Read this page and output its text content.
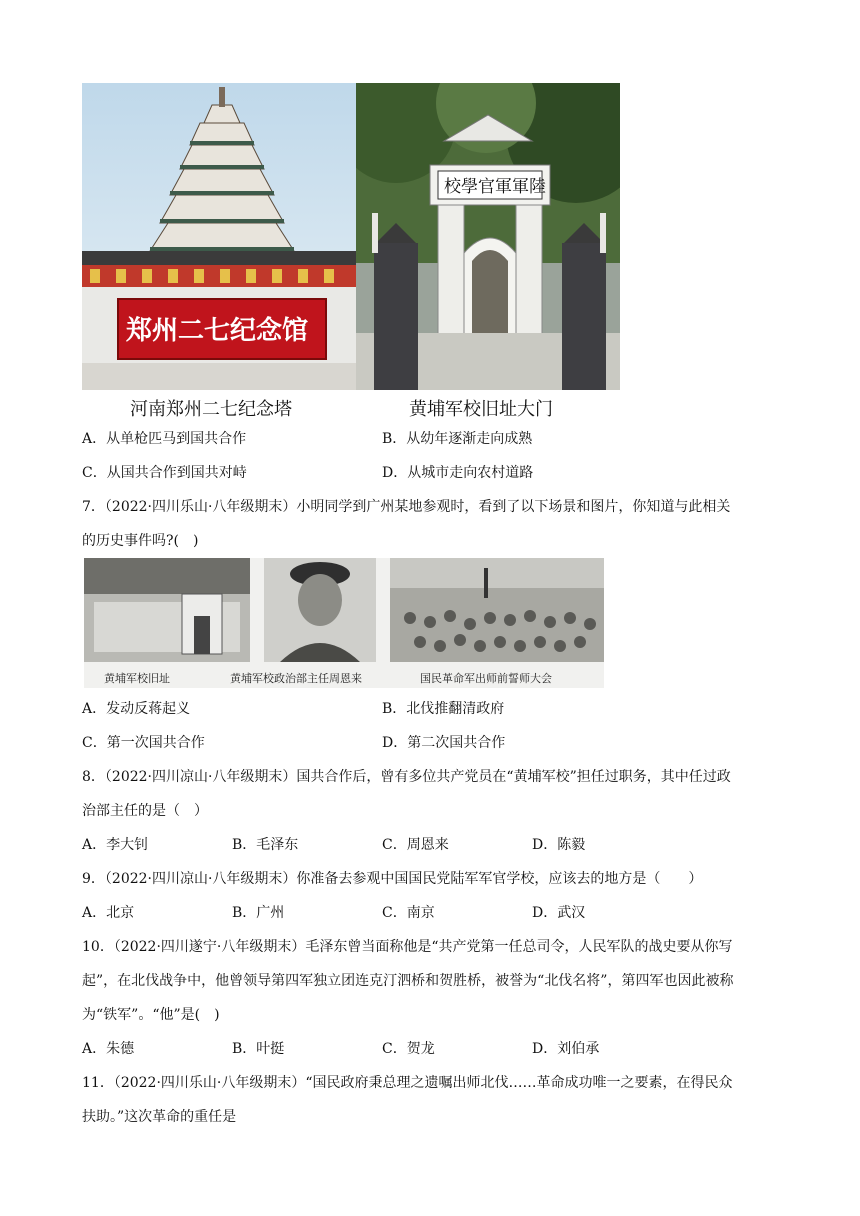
郑州二七纪念馆
校學官軍軍陸
河南郑州二七纪念塔	黄埔军校旧址大门
A．从单枪匹马到国共合作	B．从幼年逐渐走向成熟
C．从国共合作到国共对峙	D．从城市走向农村道路
7．（2022·四川乐山·八年级期末）小明同学到广州某地参观时，看到了以下场景和图片，你知道与此相关
的历史事件吗?(　)
黄埔军校旧址	黄埔军校政治部主任周恩来	国民革命军出师前誓师大会
A．发动反蒋起义	B．北伐推翻清政府
C．第一次国共合作	D．第二次国共合作
8．（2022·四川凉山·八年级期末）国共合作后，曾有多位共产党员在“黄埔军校”担任过职务，其中任过政
治部主任的是（　）
A．李大钊	B．毛泽东	C．周恩来	D．陈毅
9．（2022·四川凉山·八年级期末）你准备去参观中国国民党陆军军官学校，应该去的地方是（　　）
A．北京	B．广州	C．南京	D．武汉
10．（2022·四川遂宁·八年级期末）毛泽东曾当面称他是“共产党第一任总司令，人民军队的战史要从你写
起”，在北伐战争中，他曾领导第四军独立团连克汀泗桥和贺胜桥，被誉为“北伐名将”，第四军也因此被称
为“铁军”。“他”是(　)
A．朱德	B．叶挺	C．贺龙	D．刘伯承
11．（2022·四川乐山·八年级期末）“国民政府秉总理之遗嘱出师北伐……革命成功唯一之要素，在得民众
扶助。”这次革命的重任是
